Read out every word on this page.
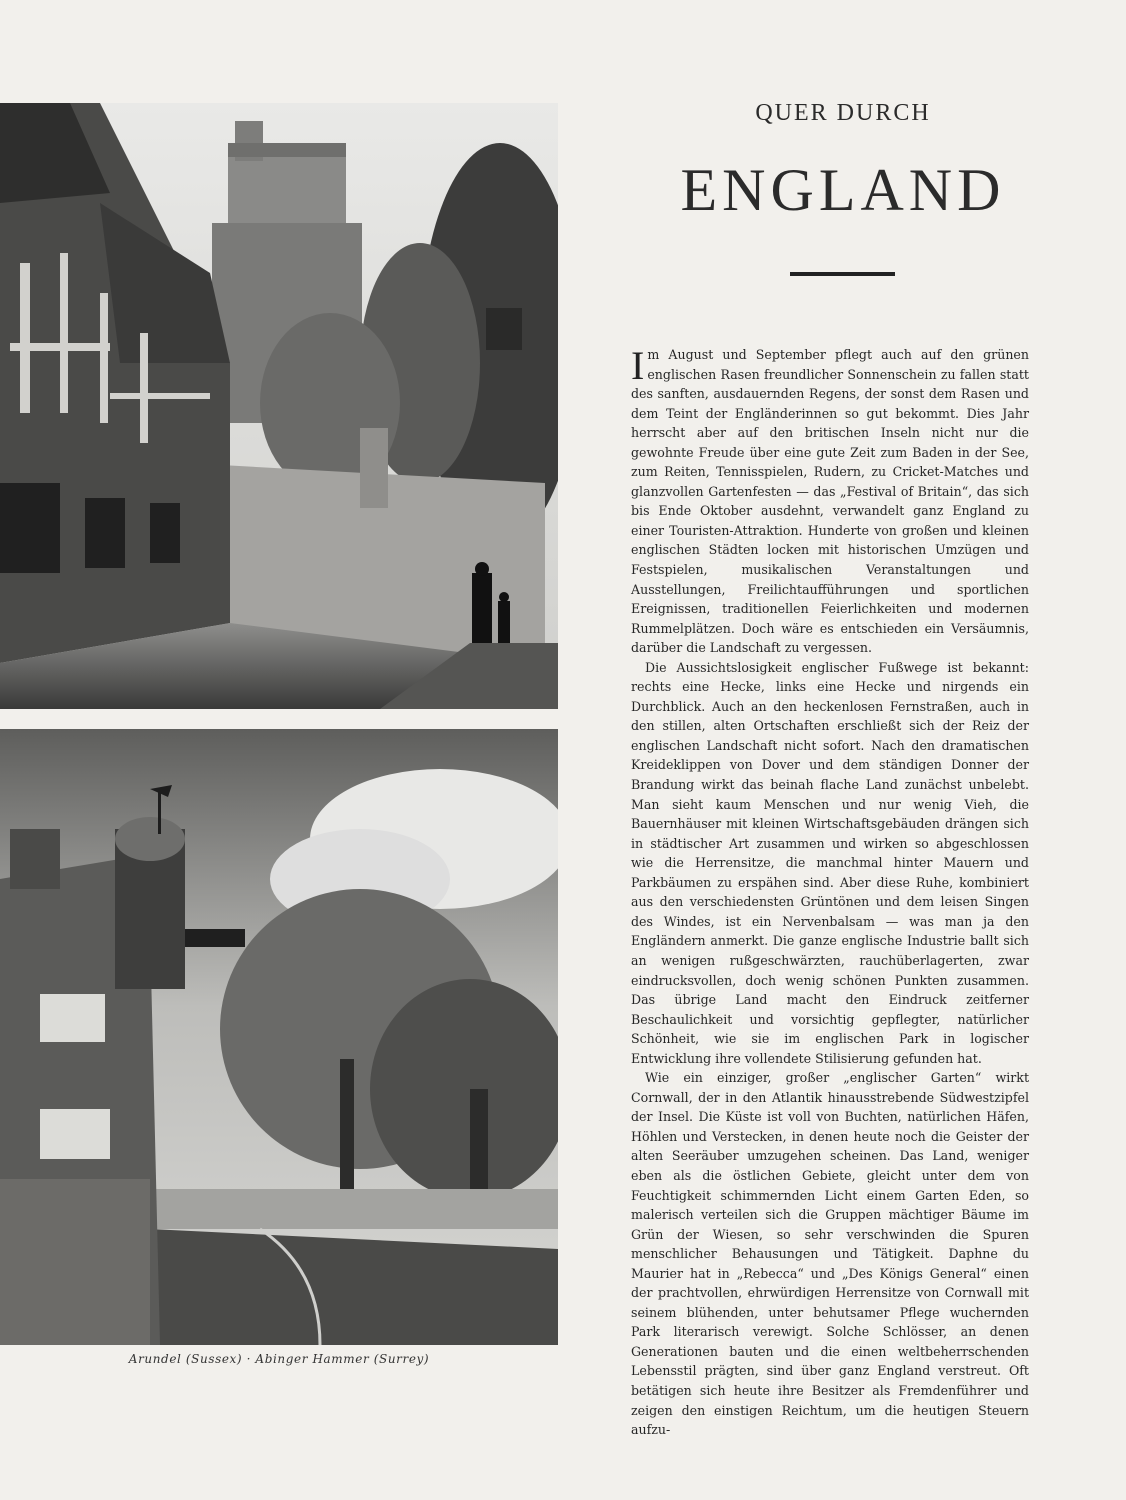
Arundel (Sussex) · Abinger Hammer (Surrey)
QUER DURCH
ENGLAND

Im August und September pflegt auch auf den grünen englischen Rasen freundlicher Sonnenschein zu fallen statt des sanften, ausdauernden Regens, der sonst dem Rasen und dem Teint der Engländerinnen so gut bekommt. Dies Jahr herrscht aber auf den britischen Inseln nicht nur die gewohnte Freude über eine gute Zeit zum Baden in der See, zum Reiten, Tennisspielen, Rudern, zu Cricket-Matches und glanzvollen Gartenfesten — das „Festival of Britain“, das sich bis Ende Oktober ausdehnt, verwandelt ganz England zu einer Touristen-Attraktion. Hunderte von großen und kleinen englischen Städten locken mit historischen Umzügen und Festspielen, musikalischen Veranstaltungen und Ausstellungen, Freilichtaufführungen und sportlichen Ereignissen, traditionellen Feierlichkeiten und modernen Rummelplätzen. Doch wäre es entschieden ein Versäumnis, darüber die Landschaft zu vergessen.

Die Aussichtslosigkeit englischer Fußwege ist bekannt: rechts eine Hecke, links eine Hecke und nirgends ein Durchblick. Auch an den heckenlosen Fernstraßen, auch in den stillen, alten Ortschaften erschließt sich der Reiz der englischen Landschaft nicht sofort. Nach den dramatischen Kreideklippen von Dover und dem ständigen Donner der Brandung wirkt das beinah flache Land zunächst unbelebt. Man sieht kaum Menschen und nur wenig Vieh, die Bauernhäuser mit kleinen Wirtschaftsgebäuden drängen sich in städtischer Art zusammen und wirken so abgeschlossen wie die Herrensitze, die manchmal hinter Mauern und Parkbäumen zu erspähen sind. Aber diese Ruhe, kombiniert aus den verschiedensten Grüntönen und dem leisen Singen des Windes, ist ein Nervenbalsam — was man ja den Engländern anmerkt. Die ganze englische Industrie ballt sich an wenigen rußgeschwärzten, rauchüberlagerten, zwar eindrucksvollen, doch wenig schönen Punkten zusammen. Das übrige Land macht den Eindruck zeitferner Beschaulichkeit und vorsichtig gepflegter, natürlicher Schönheit, wie sie im englischen Park in logischer Entwicklung ihre vollendete Stilisierung gefunden hat.

Wie ein einziger, großer „englischer Garten“ wirkt Cornwall, der in den Atlantik hinausstrebende Südwestzipfel der Insel. Die Küste ist voll von Buchten, natürlichen Häfen, Höhlen und Verstecken, in denen heute noch die Geister der alten Seeräuber umzugehen scheinen. Das Land, weniger eben als die östlichen Gebiete, gleicht unter dem von Feuchtigkeit schimmernden Licht einem Garten Eden, so malerisch verteilen sich die Gruppen mächtiger Bäume im Grün der Wiesen, so sehr verschwinden die Spuren menschlicher Behausungen und Tätigkeit. Daphne du Maurier hat in „Rebecca“ und „Des Königs General“ einen der prachtvollen, ehrwürdigen Herrensitze von Cornwall mit seinem blühenden, unter behutsamer Pflege wuchernden Park literarisch verewigt. Solche Schlösser, an denen Generationen bauten und die einen weltbeherrschenden Lebensstil prägten, sind über ganz England verstreut. Oft betätigen sich heute ihre Besitzer als Fremdenführer und zeigen den einstigen Reichtum, um die heutigen Steuern aufzu-
